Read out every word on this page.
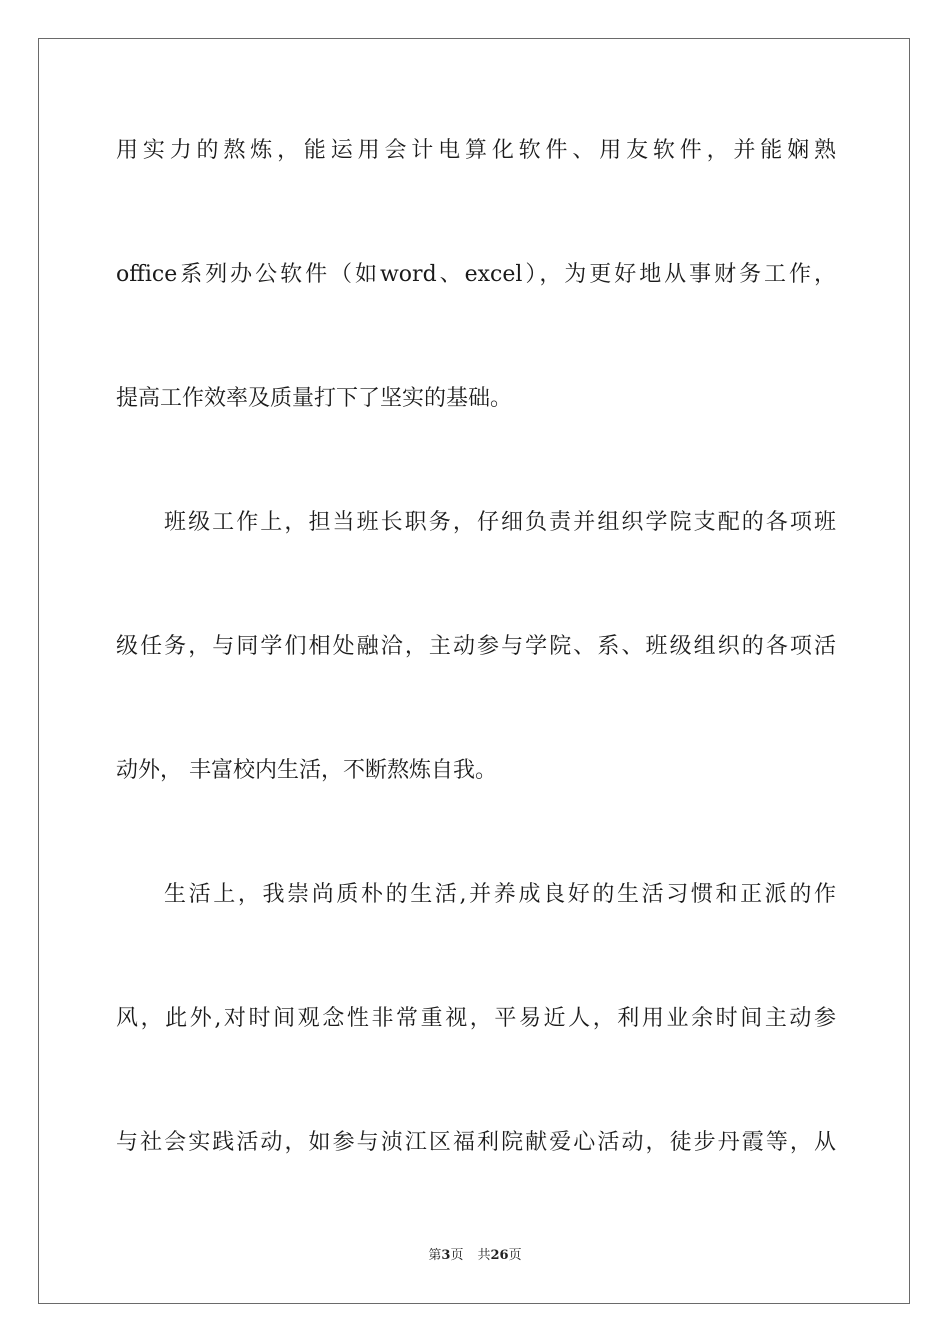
用实力的熬炼，能运用会计电算化软件、用友软件，并能娴熟
office系列办公软件（如word、excel），为更好地从事财务工作，
提高工作效率及质量打下了坚实的基础。
班级工作上，担当班长职务，仔细负责并组织学院支配的各项班
级任务，与同学们相处融洽，主动参与学院、系、班级组织的各项活
动外， 丰富校内生活，不断熬炼自我。
生活上，我崇尚质朴的生活,并养成良好的生活习惯和正派的作
风，此外,对时间观念性非常重视，平易近人，利用业余时间主动参
与社会实践活动，如参与浈江区福利院献爱心活动，徒步丹霞等，从
第3页 共26页
